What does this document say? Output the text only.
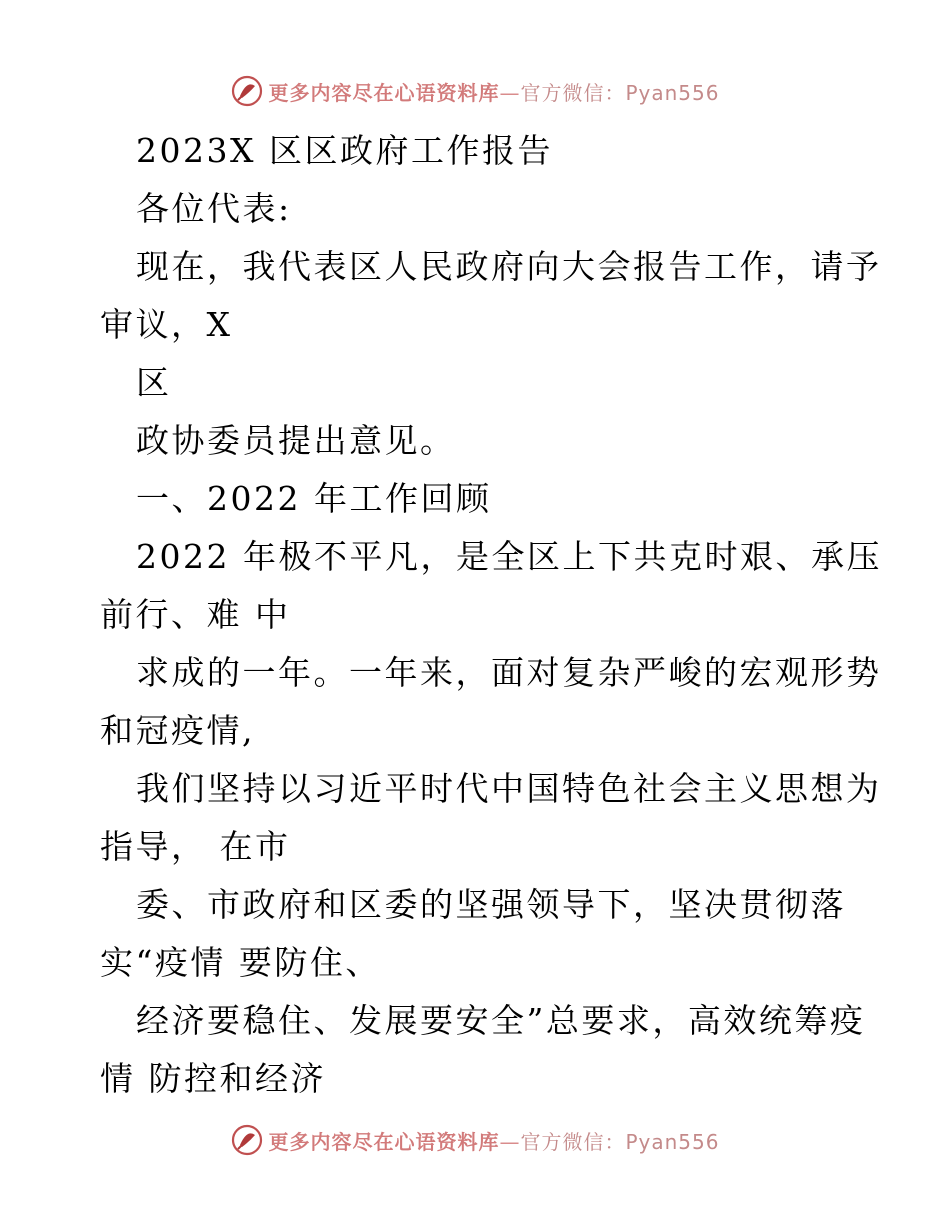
更多内容尽在心语资料库—官方微信：Pyan556
2023X 区区政府工作报告
各位代表:
现在，我代表区人民政府向大会报告工作，请予
审议，X
区
政协委员提出意见。
一、2022 年工作回顾
2022 年极不平凡，是全区上下共克时艰、承压
前行、难 中
求成的一年。一年来，面对复杂严峻的宏观形势
和冠疫情,
我们坚持以习近平时代中国特色社会主义思想为
指导， 在市
委、市政府和区委的坚强领导下，坚决贯彻落
实“疫情 要防住、
经济要稳住、发展要安全”总要求，高效统筹疫
情 防控和经济
更多内容尽在心语资料库—官方微信：Pyan556
